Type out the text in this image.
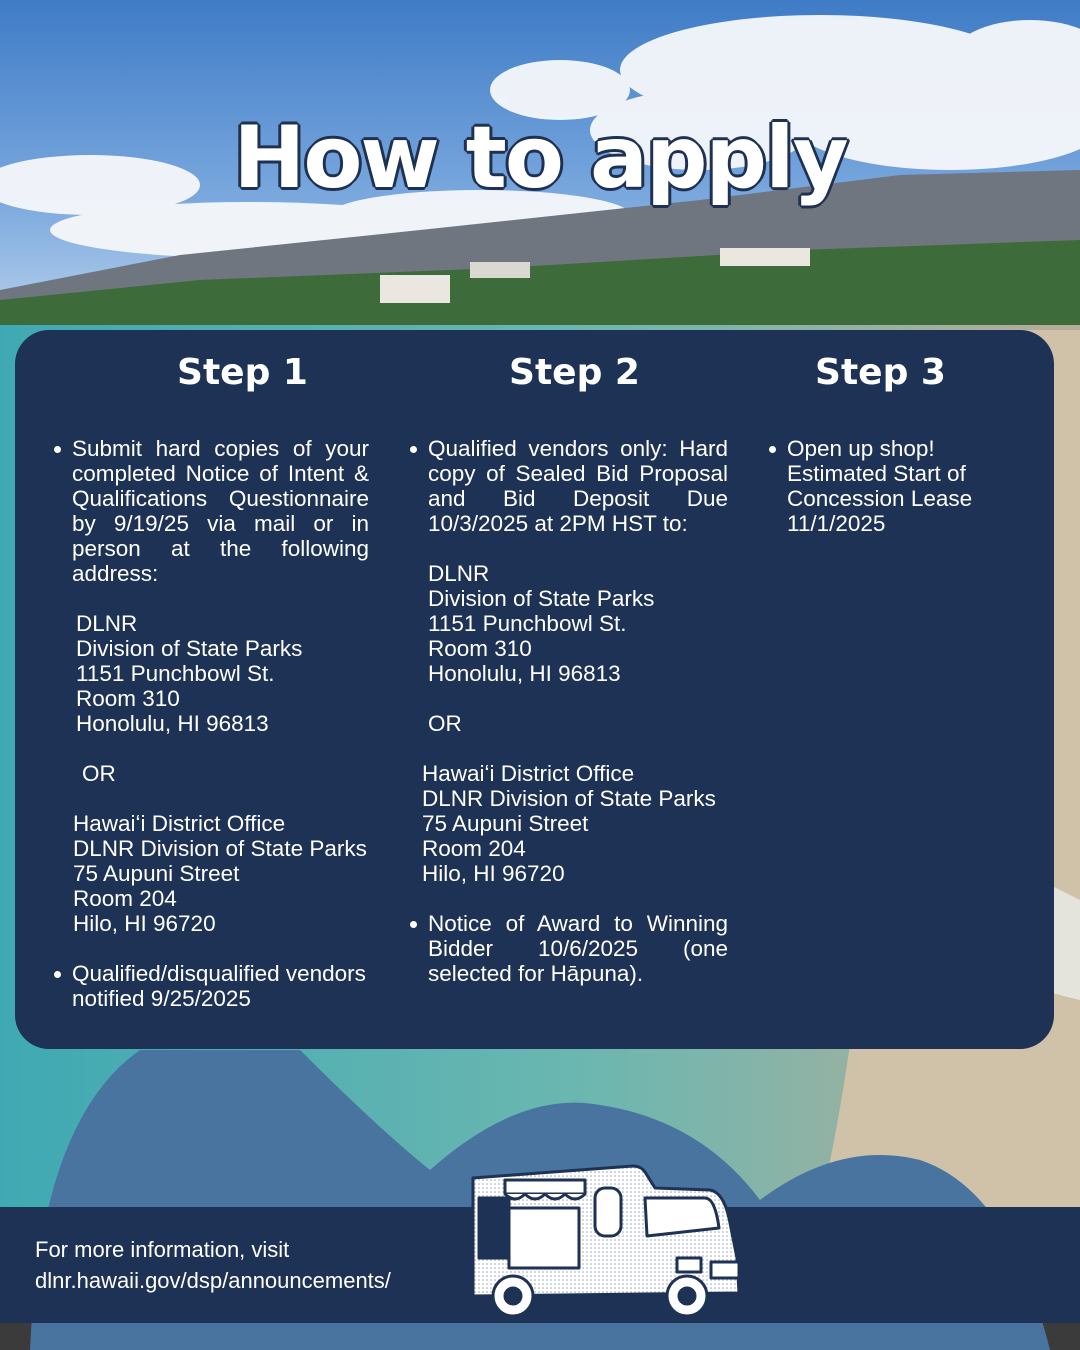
How to apply
Step 1	Step 2	Step 3
Submit hard copies of your completed Notice of Intent & Qualifications Questionnaire by 9/19/25 via mail or in person at the following address:
DLNR
Division of State Parks
1151 Punchbowl St.
Room 310
Honolulu, HI 96813
OR
Hawaiʻi District Office
DLNR Division of State Parks
75 Aupuni Street
Room 204
Hilo, HI 96720
Qualified/disqualified vendors notified 9/25/2025
Qualified vendors only: Hard copy of Sealed Bid Proposal and Bid Deposit Due 10/3/2025 at 2PM HST to:
DLNR
Division of State Parks
1151 Punchbowl St.
Room 310
Honolulu, HI 96813
OR
Hawaiʻi District Office
DLNR Division of State Parks
75 Aupuni Street
Room 204
Hilo, HI 96720
Notice of Award to Winning Bidder 10/6/2025 (one selected for Hāpuna).
Open up shop!
Estimated Start of Concession Lease 11/1/2025
For more information, visit
dlnr.hawaii.gov/dsp/announcements/
